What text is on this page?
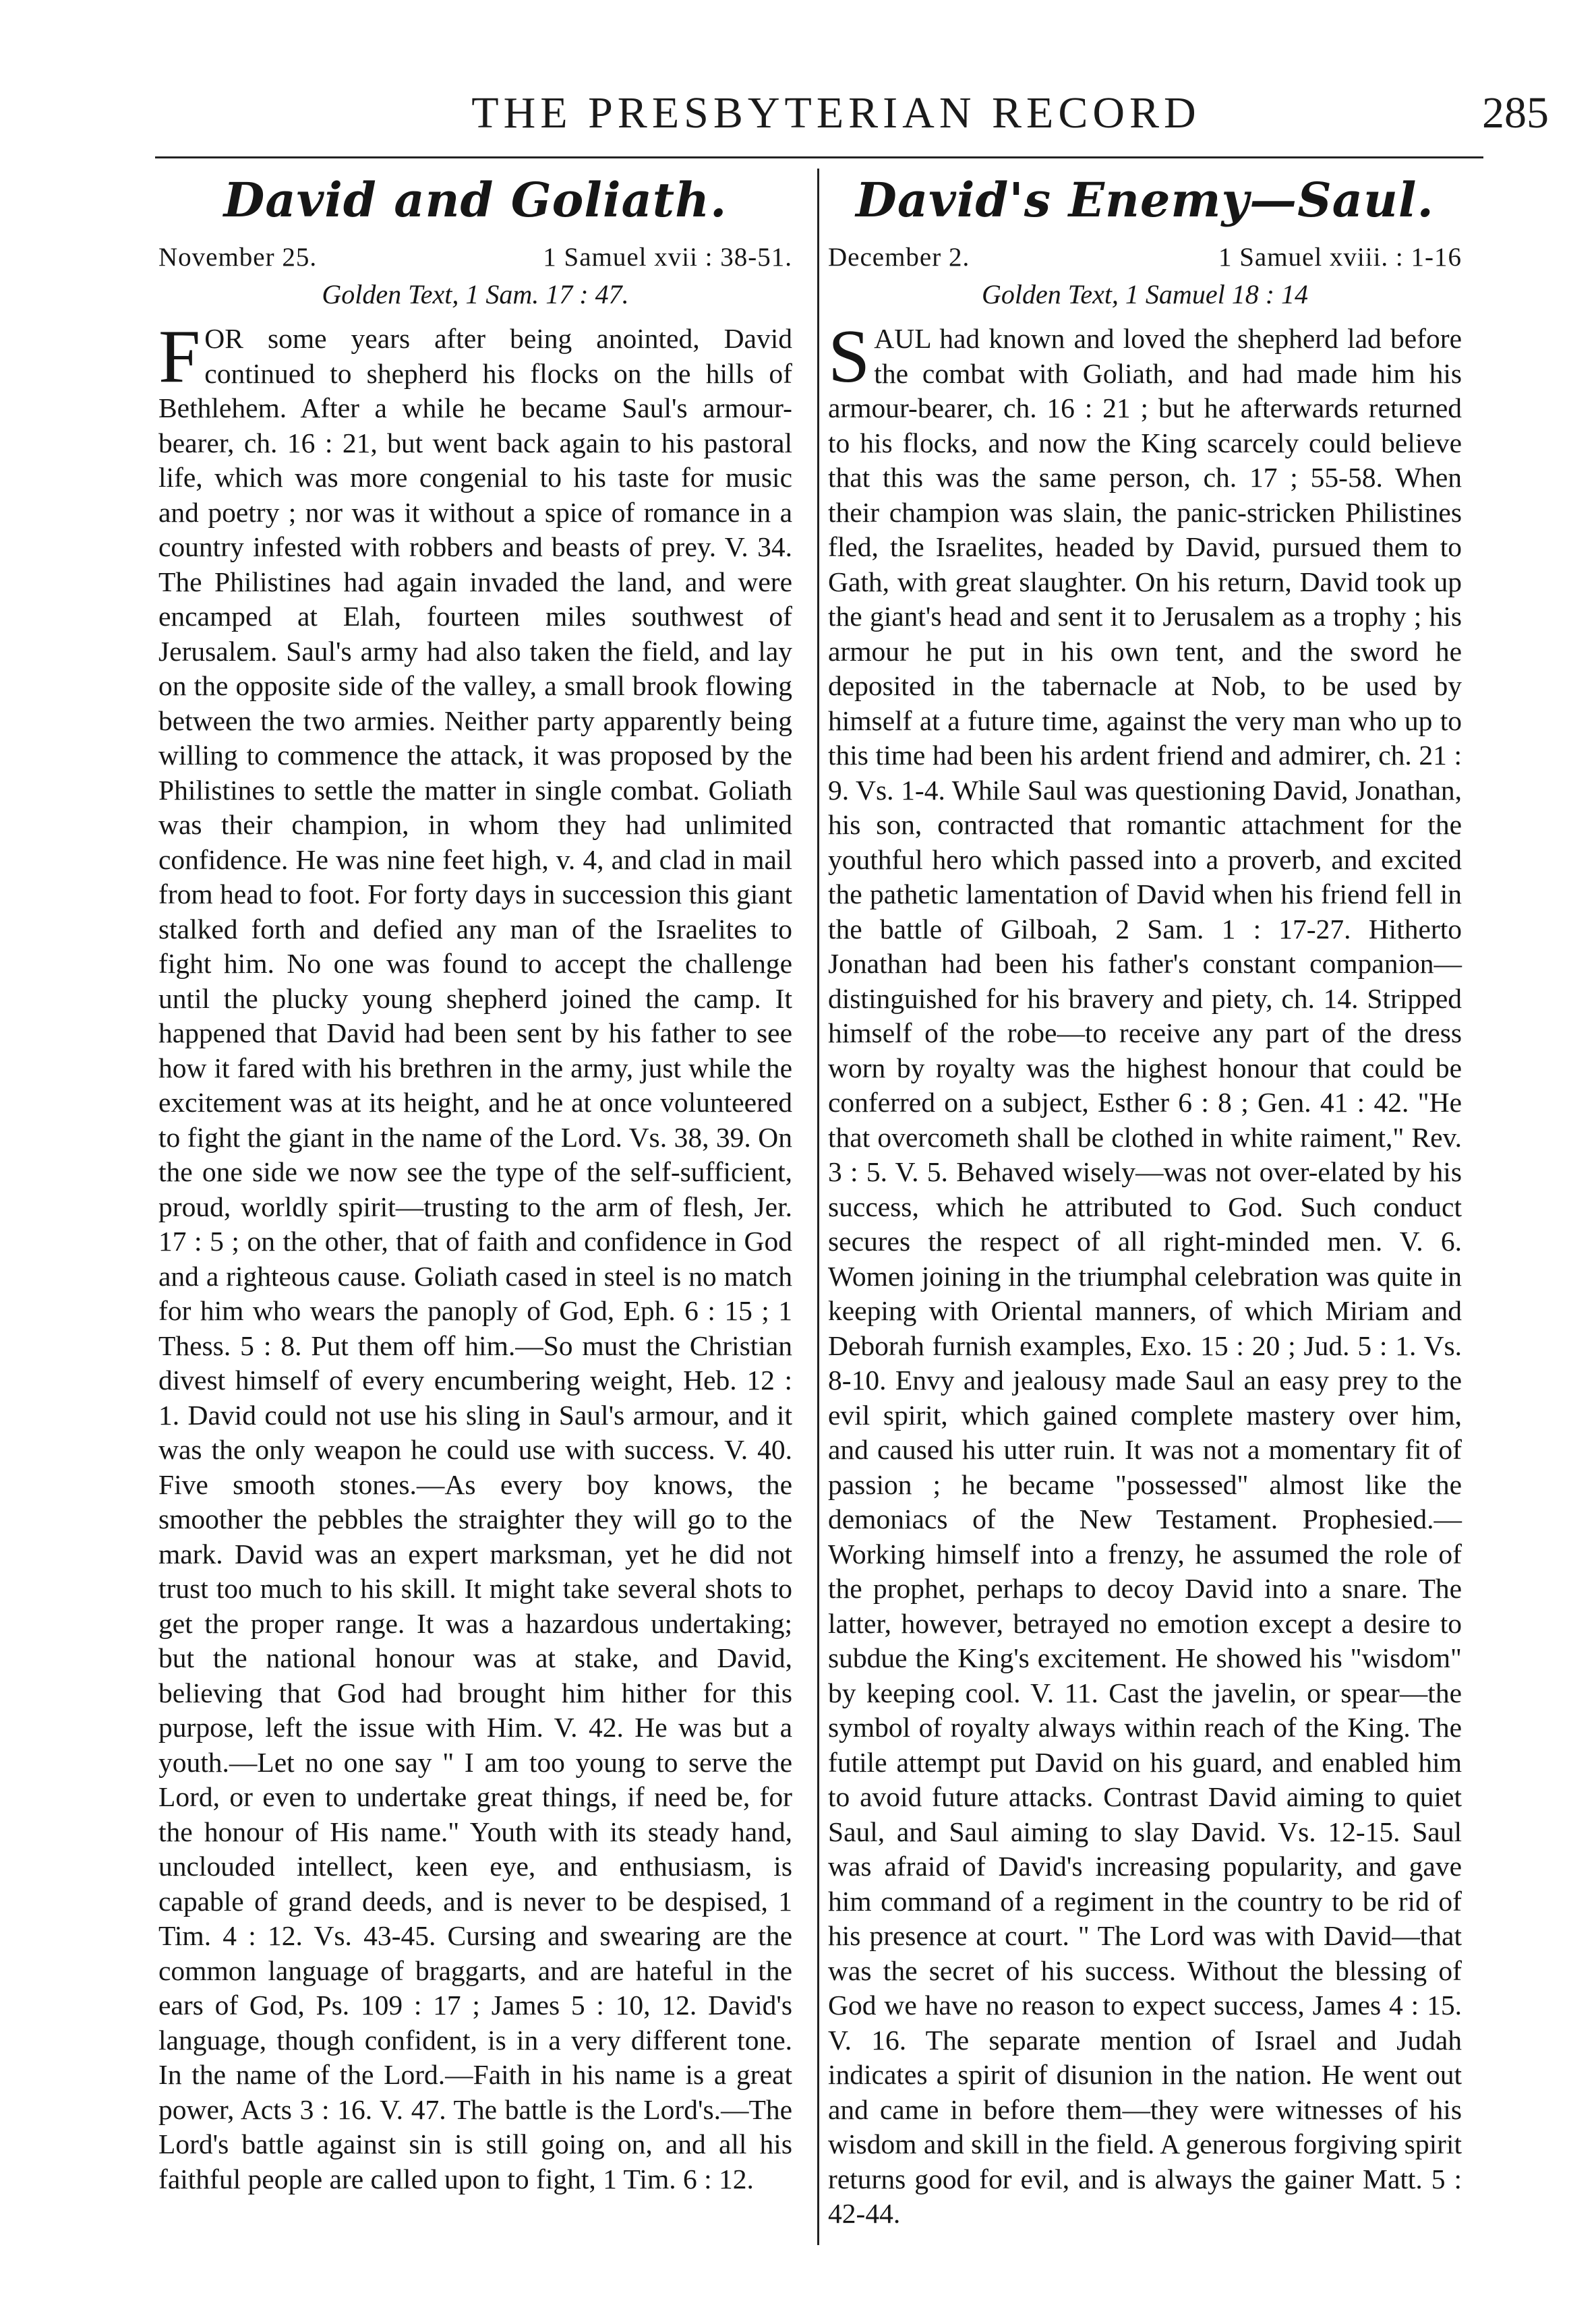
THE PRESBYTERIAN RECORD	285
David and Goliath.
November 25.	1 Samuel xvii : 38-51.
Golden Text, 1 Sam. 17 : 47.
FOR some years after being anointed, David continued to shepherd his flocks on the hills of Bethlehem. After a while he became Saul's armour-bearer, ch. 16 : 21, but went back again to his pastoral life, which was more congenial to his taste for music and poetry ; nor was it without a spice of romance in a country infested with robbers and beasts of prey. V. 34. The Philistines had again invaded the land, and were encamped at Elah, fourteen miles southwest of Jerusalem. Saul's army had also taken the field, and lay on the opposite side of the valley, a small brook flowing between the two armies. Neither party apparently being willing to commence the attack, it was proposed by the Philistines to settle the matter in single combat. Goliath was their champion, in whom they had unlimited confidence. He was nine feet high, v. 4, and clad in mail from head to foot. For forty days in succession this giant stalked forth and defied any man of the Israelites to fight him. No one was found to accept the challenge until the plucky young shepherd joined the camp. It happened that David had been sent by his father to see how it fared with his brethren in the army, just while the excitement was at its height, and he at once volunteered to fight the giant in the name of the Lord. Vs. 38, 39. On the one side we now see the type of the self-sufficient, proud, worldly spirit—trusting to the arm of flesh, Jer. 17 : 5 ; on the other, that of faith and confidence in God and a righteous cause. Goliath cased in steel is no match for him who wears the panoply of God, Eph. 6 : 15 ; 1 Thess. 5 : 8. Put them off him.—So must the Christian divest himself of every encumbering weight, Heb. 12 : 1. David could not use his sling in Saul's armour, and it was the only weapon he could use with success. V. 40. Five smooth stones.—As every boy knows, the smoother the pebbles the straighter they will go to the mark. David was an expert marksman, yet he did not trust too much to his skill. It might take several shots to get the proper range. It was a hazardous undertaking; but the national honour was at stake, and David, believing that God had brought him hither for this purpose, left the issue with Him. V. 42. He was but a youth.—Let no one say " I am too young to serve the Lord, or even to undertake great things, if need be, for the honour of His name." Youth with its steady hand, unclouded intellect, keen eye, and enthusiasm, is capable of grand deeds, and is never to be despised, 1 Tim. 4 : 12. Vs. 43-45. Cursing and swearing are the common language of braggarts, and are hateful in the ears of God, Ps. 109 : 17 ; James 5 : 10, 12. David's language, though confident, is in a very different tone. In the name of the Lord.—Faith in his name is a great power, Acts 3 : 16. V. 47. The battle is the Lord's.—The Lord's battle against sin is still going on, and all his faithful people are called upon to fight, 1 Tim. 6 : 12.
David's Enemy—Saul.
December 2.	1 Samuel xviii. : 1-16
Golden Text, 1 Samuel 18 : 14
SAUL had known and loved the shepherd lad before the combat with Goliath, and had made him his armour-bearer, ch. 16 : 21 ; but he afterwards returned to his flocks, and now the King scarcely could believe that this was the same person, ch. 17 ; 55-58. When their champion was slain, the panic-stricken Philistines fled, the Israelites, headed by David, pursued them to Gath, with great slaughter. On his return, David took up the giant's head and sent it to Jerusalem as a trophy ; his armour he put in his own tent, and the sword he deposited in the tabernacle at Nob, to be used by himself at a future time, against the very man who up to this time had been his ardent friend and admirer, ch. 21 : 9. Vs. 1-4. While Saul was questioning David, Jonathan, his son, contracted that romantic attachment for the youthful hero which passed into a proverb, and excited the pathetic lamentation of David when his friend fell in the battle of Gilboah, 2 Sam. 1 : 17-27. Hitherto Jonathan had been his father's constant companion—distinguished for his bravery and piety, ch. 14. Stripped himself of the robe—to receive any part of the dress worn by royalty was the highest honour that could be conferred on a subject, Esther 6 : 8 ; Gen. 41 : 42. "He that overcometh shall be clothed in white raiment," Rev. 3 : 5. V. 5. Behaved wisely—was not over-elated by his success, which he attributed to God. Such conduct secures the respect of all right-minded men. V. 6. Women joining in the triumphal celebration was quite in keeping with Oriental manners, of which Miriam and Deborah furnish examples, Exo. 15 : 20 ; Jud. 5 : 1. Vs. 8-10. Envy and jealousy made Saul an easy prey to the evil spirit, which gained complete mastery over him, and caused his utter ruin. It was not a momentary fit of passion ; he became "possessed" almost like the demoniacs of the New Testament. Prophesied.—Working himself into a frenzy, he assumed the role of the prophet, perhaps to decoy David into a snare. The latter, however, betrayed no emotion except a desire to subdue the King's excitement. He showed his "wisdom" by keeping cool. V. 11. Cast the javelin, or spear—the symbol of royalty always within reach of the King. The futile attempt put David on his guard, and enabled him to avoid future attacks. Contrast David aiming to quiet Saul, and Saul aiming to slay David. Vs. 12-15. Saul was afraid of David's increasing popularity, and gave him command of a regiment in the country to be rid of his presence at court. " The Lord was with David—that was the secret of his success. Without the blessing of God we have no reason to expect success, James 4 : 15. V. 16. The separate mention of Israel and Judah indicates a spirit of disunion in the nation. He went out and came in before them—they were witnesses of his wisdom and skill in the field. A generous forgiving spirit returns good for evil, and is always the gainer Matt. 5 : 42-44.
